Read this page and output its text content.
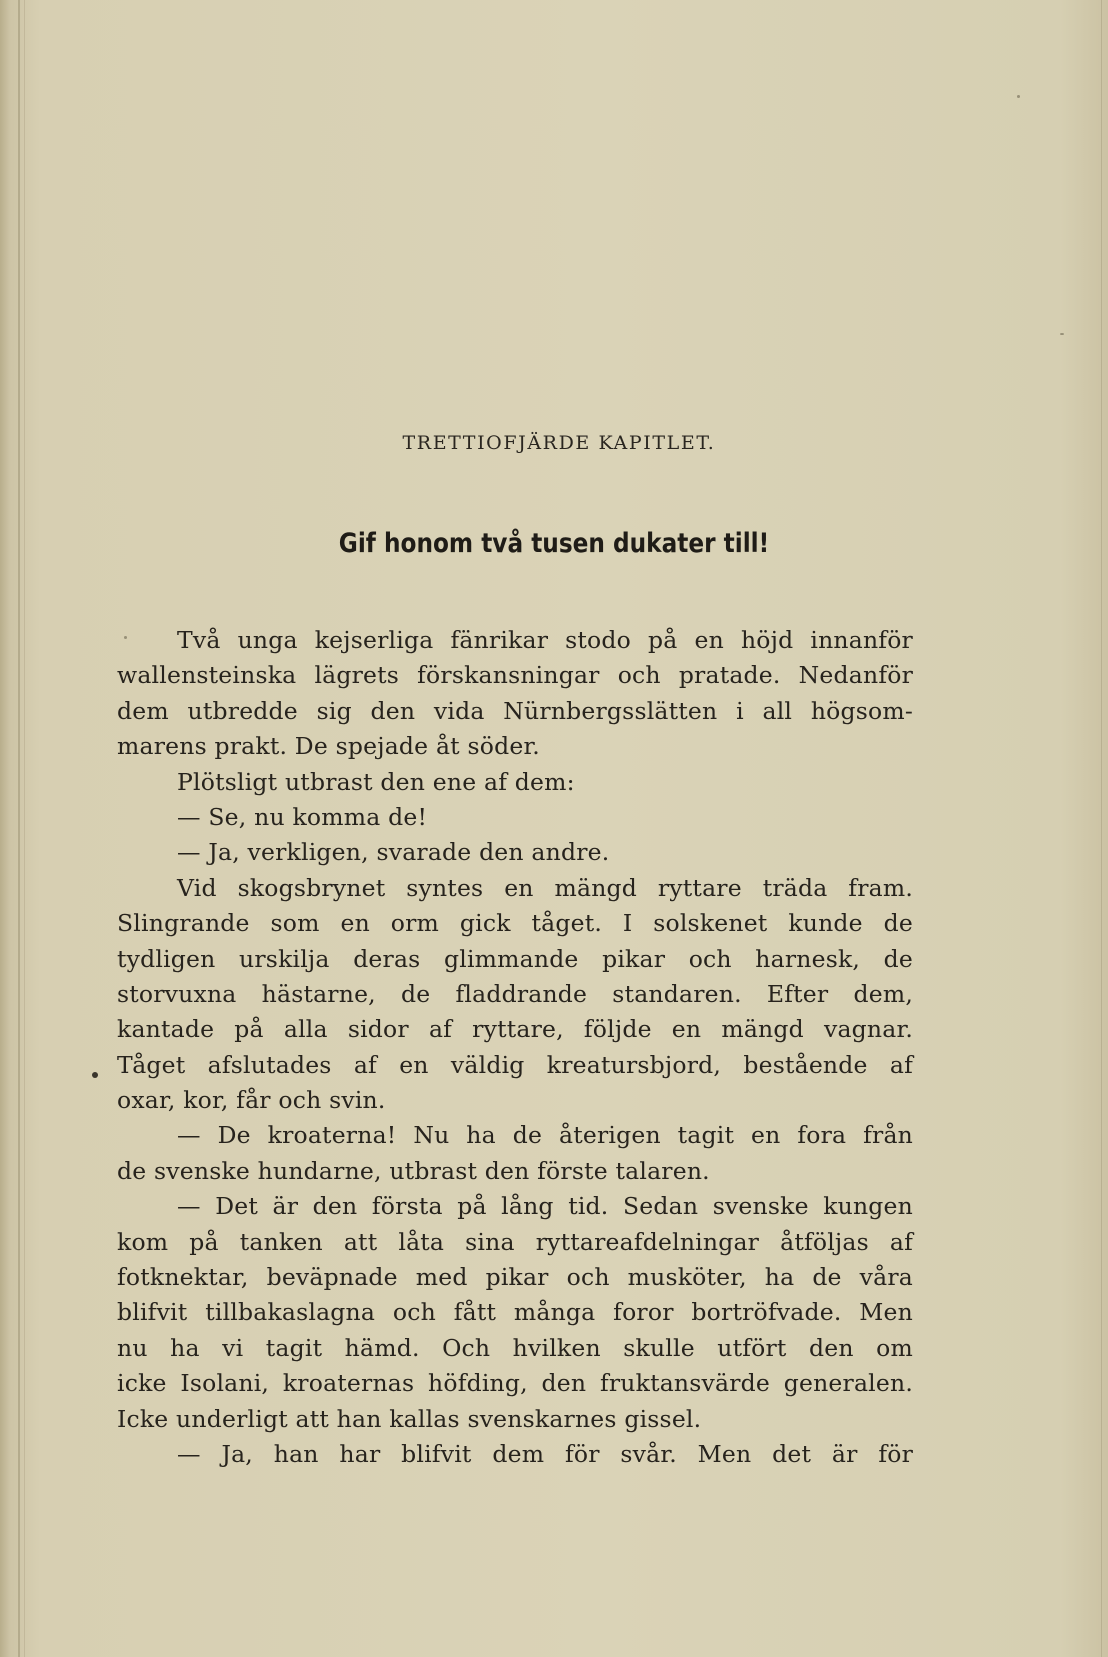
TRETTIOFJÄRDE KAPITLET.
Gif honom två tusen dukater till!
Två unga kejserliga fänrikar stodo på en höjd innanför
wallensteinska lägrets förskansningar och pratade. Nedanför
dem utbredde sig den vida Nürnbergsslätten i all högsom-
marens prakt. De spejade åt söder.
Plötsligt utbrast den ene af dem:
— Se, nu komma de!
— Ja, verkligen, svarade den andre.
Vid skogsbrynet syntes en mängd ryttare träda fram.
Slingrande som en orm gick tåget. I solskenet kunde de
tydligen urskilja deras glimmande pikar och harnesk, de
storvuxna hästarne, de fladdrande standaren. Efter dem,
kantade på alla sidor af ryttare, följde en mängd vagnar.
Tåget afslutades af en väldig kreatursbjord, bestående af
oxar, kor, får och svin.
— De kroaterna! Nu ha de återigen tagit en fora från
de svenske hundarne, utbrast den förste talaren.
— Det är den första på lång tid. Sedan svenske kungen
kom på tanken att låta sina ryttareafdelningar åtföljas af
fotknektar, beväpnade med pikar och musköter, ha de våra
blifvit tillbakaslagna och fått många foror bortröfvade. Men
nu ha vi tagit hämd. Och hvilken skulle utfört den om
icke Isolani, kroaternas höfding, den fruktansvärde generalen.
Icke underligt att han kallas svenskarnes gissel.
— Ja, han har blifvit dem för svår. Men det är för
